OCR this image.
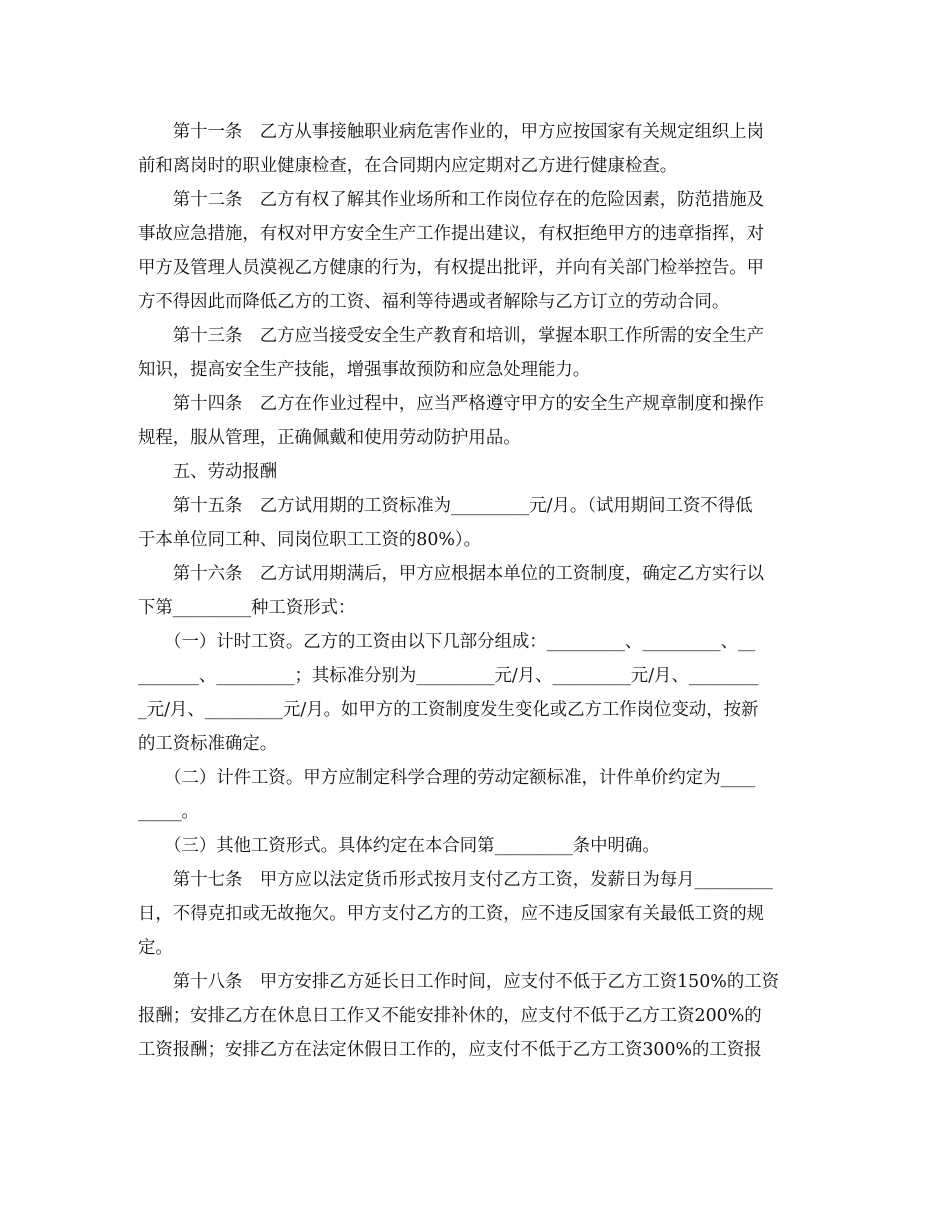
　　第十一条　乙方从事接触职业病危害作业的，甲方应按国家有关规定组织上岗
前和离岗时的职业健康检查，在合同期内应定期对乙方进行健康检查。
　　第十二条　乙方有权了解其作业场所和工作岗位存在的危险因素，防范措施及
事故应急措施，有权对甲方安全生产工作提出建议，有权拒绝甲方的违章指挥，对
甲方及管理人员漠视乙方健康的行为，有权提出批评，并向有关部门检举控告。甲
方不得因此而降低乙方的工资、福利等待遇或者解除与乙方订立的劳动合同。
　　第十三条　乙方应当接受安全生产教育和培训，掌握本职工作所需的安全生产
知识，提高安全生产技能，增强事故预防和应急处理能力。
　　第十四条　乙方在作业过程中，应当严格遵守甲方的安全生产规章制度和操作
规程，服从管理，正确佩戴和使用劳动防护用品。
　　五、劳动报酬
　　第十五条　乙方试用期的工资标准为_________元/月。（试用期间工资不得低
于本单位同工种、同岗位职工工资的80%）。
　　第十六条　乙方试用期满后，甲方应根据本单位的工资制度，确定乙方实行以
下第_________种工资形式：
　　（一）计时工资。乙方的工资由以下几部分组成：_________、_________、__
_______、_________；其标准分别为_________元/月、_________元/月、________
_元/月、_________元/月。如甲方的工资制度发生变化或乙方工作岗位变动，按新
的工资标准确定。
　　（二）计件工资。甲方应制定科学合理的劳动定额标准，计件单价约定为____
_____。
　　（三）其他工资形式。具体约定在本合同第_________条中明确。
　　第十七条　甲方应以法定货币形式按月支付乙方工资，发薪日为每月_________
日，不得克扣或无故拖欠。甲方支付乙方的工资，应不违反国家有关最低工资的规
定。
　　第十八条　甲方安排乙方延长日工作时间，应支付不低于乙方工资150%的工资
报酬；安排乙方在休息日工作又不能安排补休的，应支付不低于乙方工资200%的
工资报酬；安排乙方在法定休假日工作的，应支付不低于乙方工资300%的工资报
